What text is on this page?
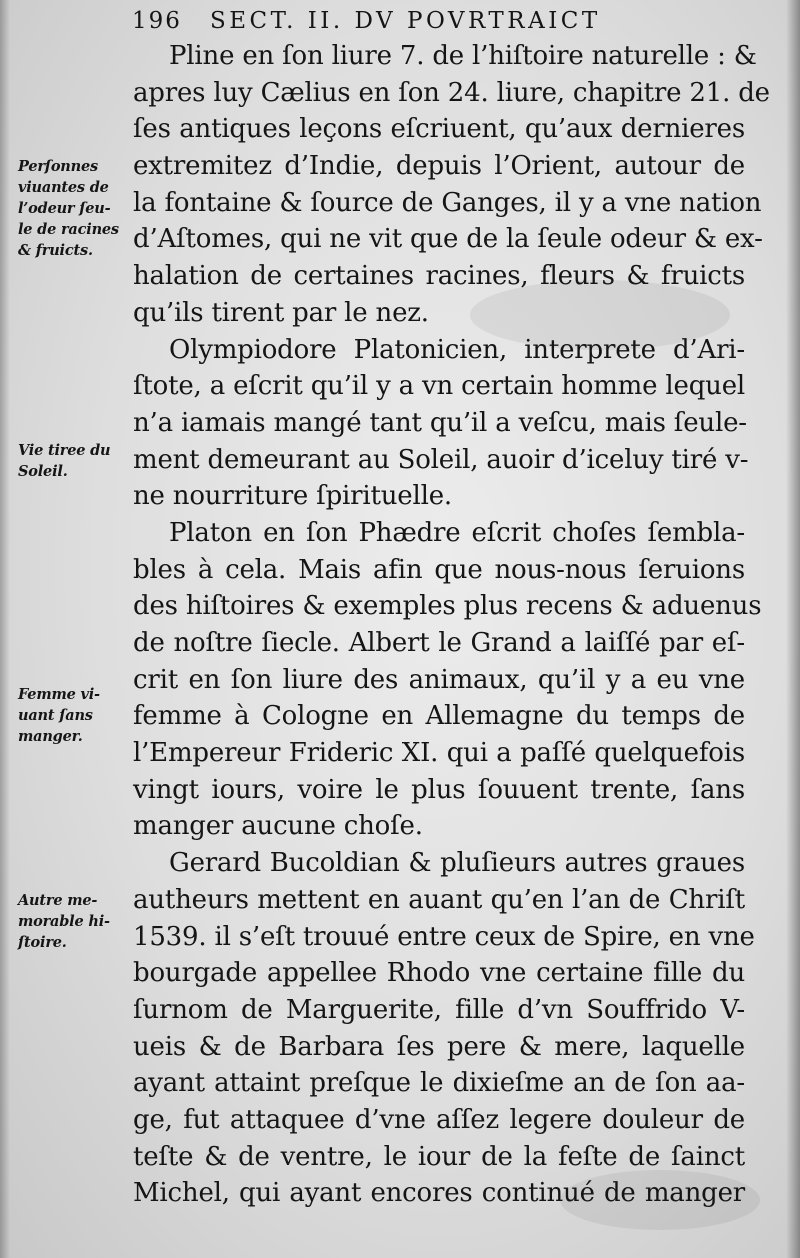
196 SECT. II. DV POVRTRAICT
Perſonnes
viuantes de
l’odeur ſeu-
le de racines
& fruicts.
Vie tiree du
Soleil.
Femme vi-
uant ſans
manger.
Autre me-
morable hi-
ſtoire.
Pline en ſon liure 7. de l’hiſtoire naturelle : &
apres luy Cælius en ſon 24. liure, chapitre 21. de
ſes antiques leçons eſcriuent, qu’aux dernieres
extremitez d’Indie, depuis l’Orient, autour de
la fontaine & ſource de Ganges, il y a vne nation
d’Aſtomes, qui ne vit que de la ſeule odeur & ex-
halation de certaines racines, fleurs & fruicts
qu’ils tirent par le nez.
Olympiodore Platonicien, interprete d’Ari-
ſtote, a eſcrit qu’il y a vn certain homme lequel
n’a iamais mangé tant qu’il a veſcu, mais ſeule-
ment demeurant au Soleil, auoir d’iceluy tiré v-
ne nourriture ſpirituelle.
Platon en ſon Phædre eſcrit choſes ſembla-
bles à cela. Mais afin que nous-nous ſeruions
des hiſtoires & exemples plus recens & aduenus
de noſtre ſiecle. Albert le Grand a laiſſé par eſ-
crit en ſon liure des animaux, qu’il y a eu vne
femme à Cologne en Allemagne du temps de
l’Empereur Frideric XI. qui a paſſé quelquefois
vingt iours, voire le plus ſouuent trente, ſans
manger aucune choſe.
Gerard Bucoldian & pluſieurs autres graues
autheurs mettent en auant qu’en l’an de Chriſt
1539. il s’eſt trouué entre ceux de Spire, en vne
bourgade appellee Rhodo vne certaine fille du
ſurnom de Marguerite, fille d’vn Souffrido V-
ueis & de Barbara ſes pere & mere, laquelle
ayant attaint preſque le dixieſme an de ſon aa-
ge, fut attaquee d’vne aſſez legere douleur de
teſte & de ventre, le iour de la feſte de ſainct
Michel, qui ayant encores continué de manger
